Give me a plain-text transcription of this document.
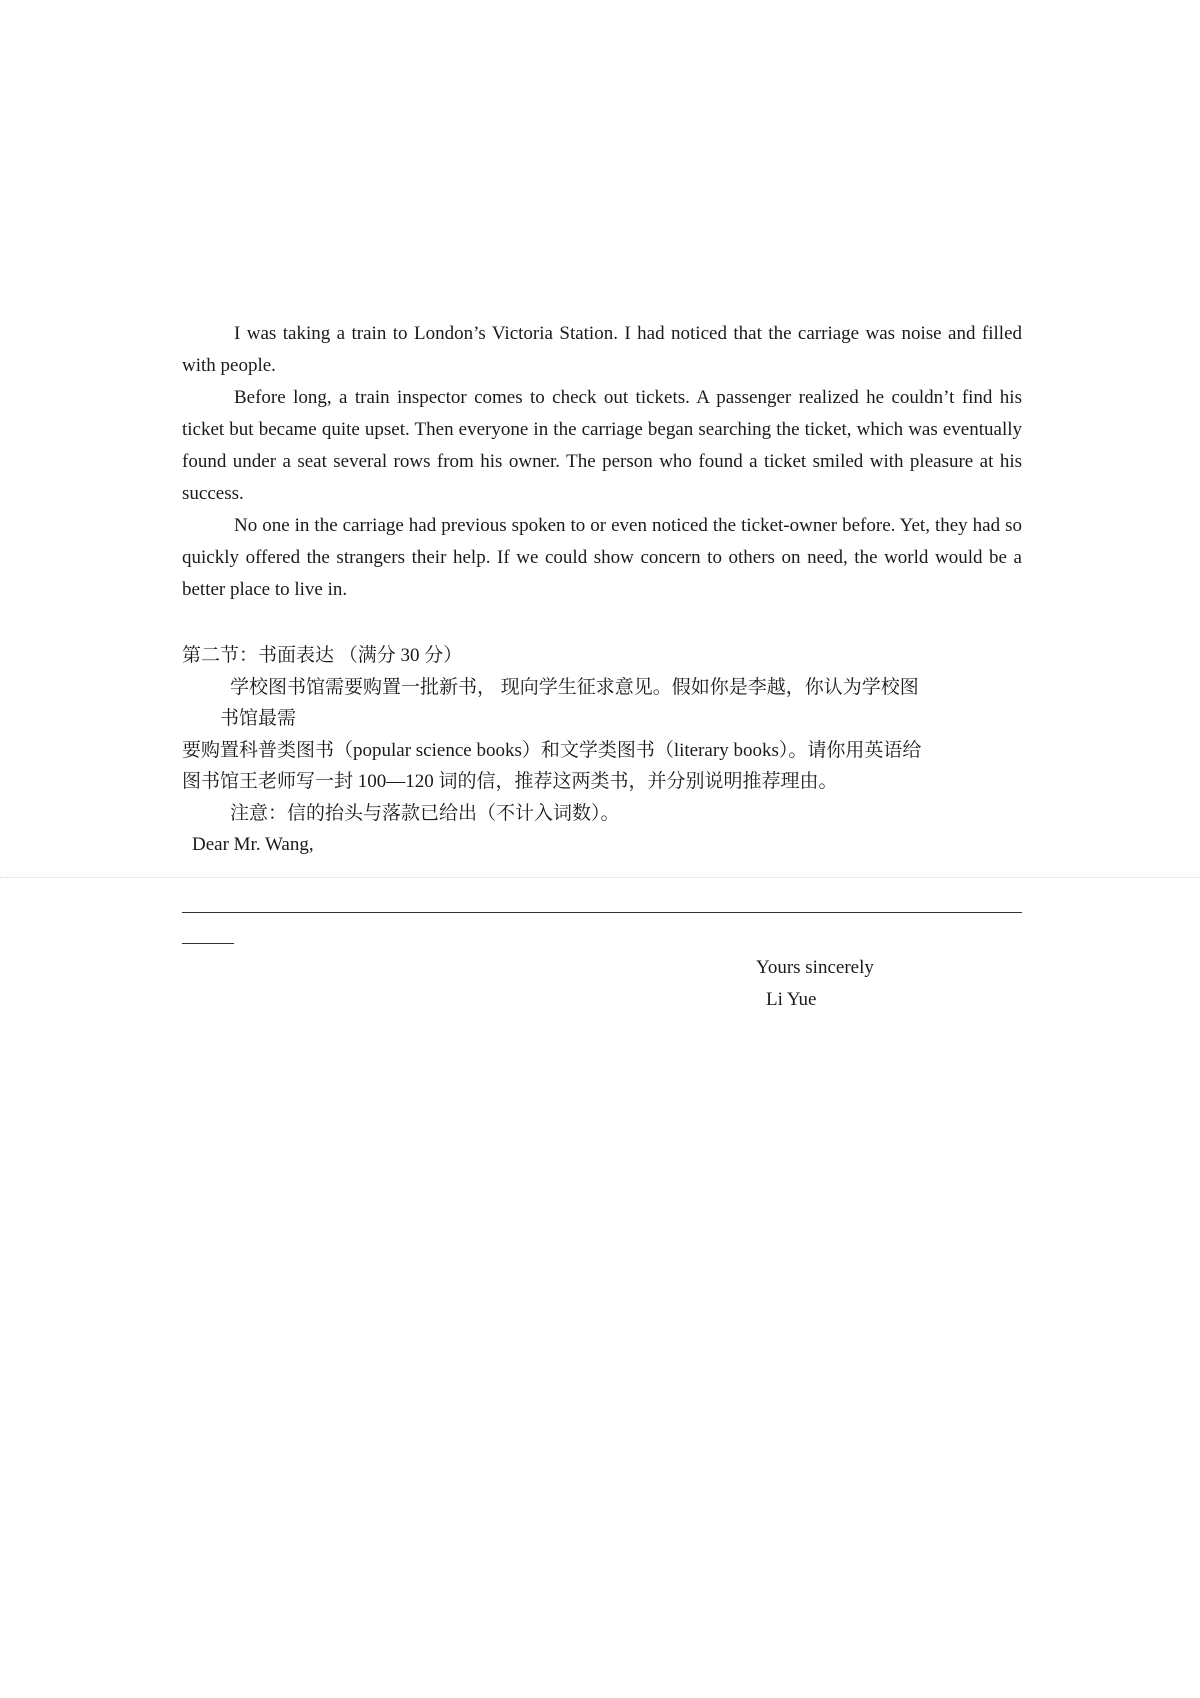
I was taking a train to London’s Victoria Station. I had noticed that the carriage was noise and filled with people.

Before long, a train inspector comes to check out tickets. A passenger realized he couldn’t find his ticket but became quite upset. Then everyone in the carriage began searching the ticket, which was eventually found under a seat several rows from his owner. The person who found a ticket smiled with pleasure at his success.

No one in the carriage had previous spoken to or even noticed the ticket-owner before. Yet, they had so quickly offered the strangers their help. If we could show concern to others on need, the world would be a better place to live in.

第二节：书面表达 （满分 30 分）

学校图书馆需要购置一批新书， 现向学生征求意见。假如你是李越，你认为学校图

书馆最需

要购置科普类图书（popular science books）和文学类图书（literary books）。请你用英语给

图书馆王老师写一封 100—120 词的信，推荐这两类书，并分别说明推荐理由。

注意：信的抬头与落款已给出（不计入词数）。

Dear Mr. Wang,

Yours sincerely
Li Yue
